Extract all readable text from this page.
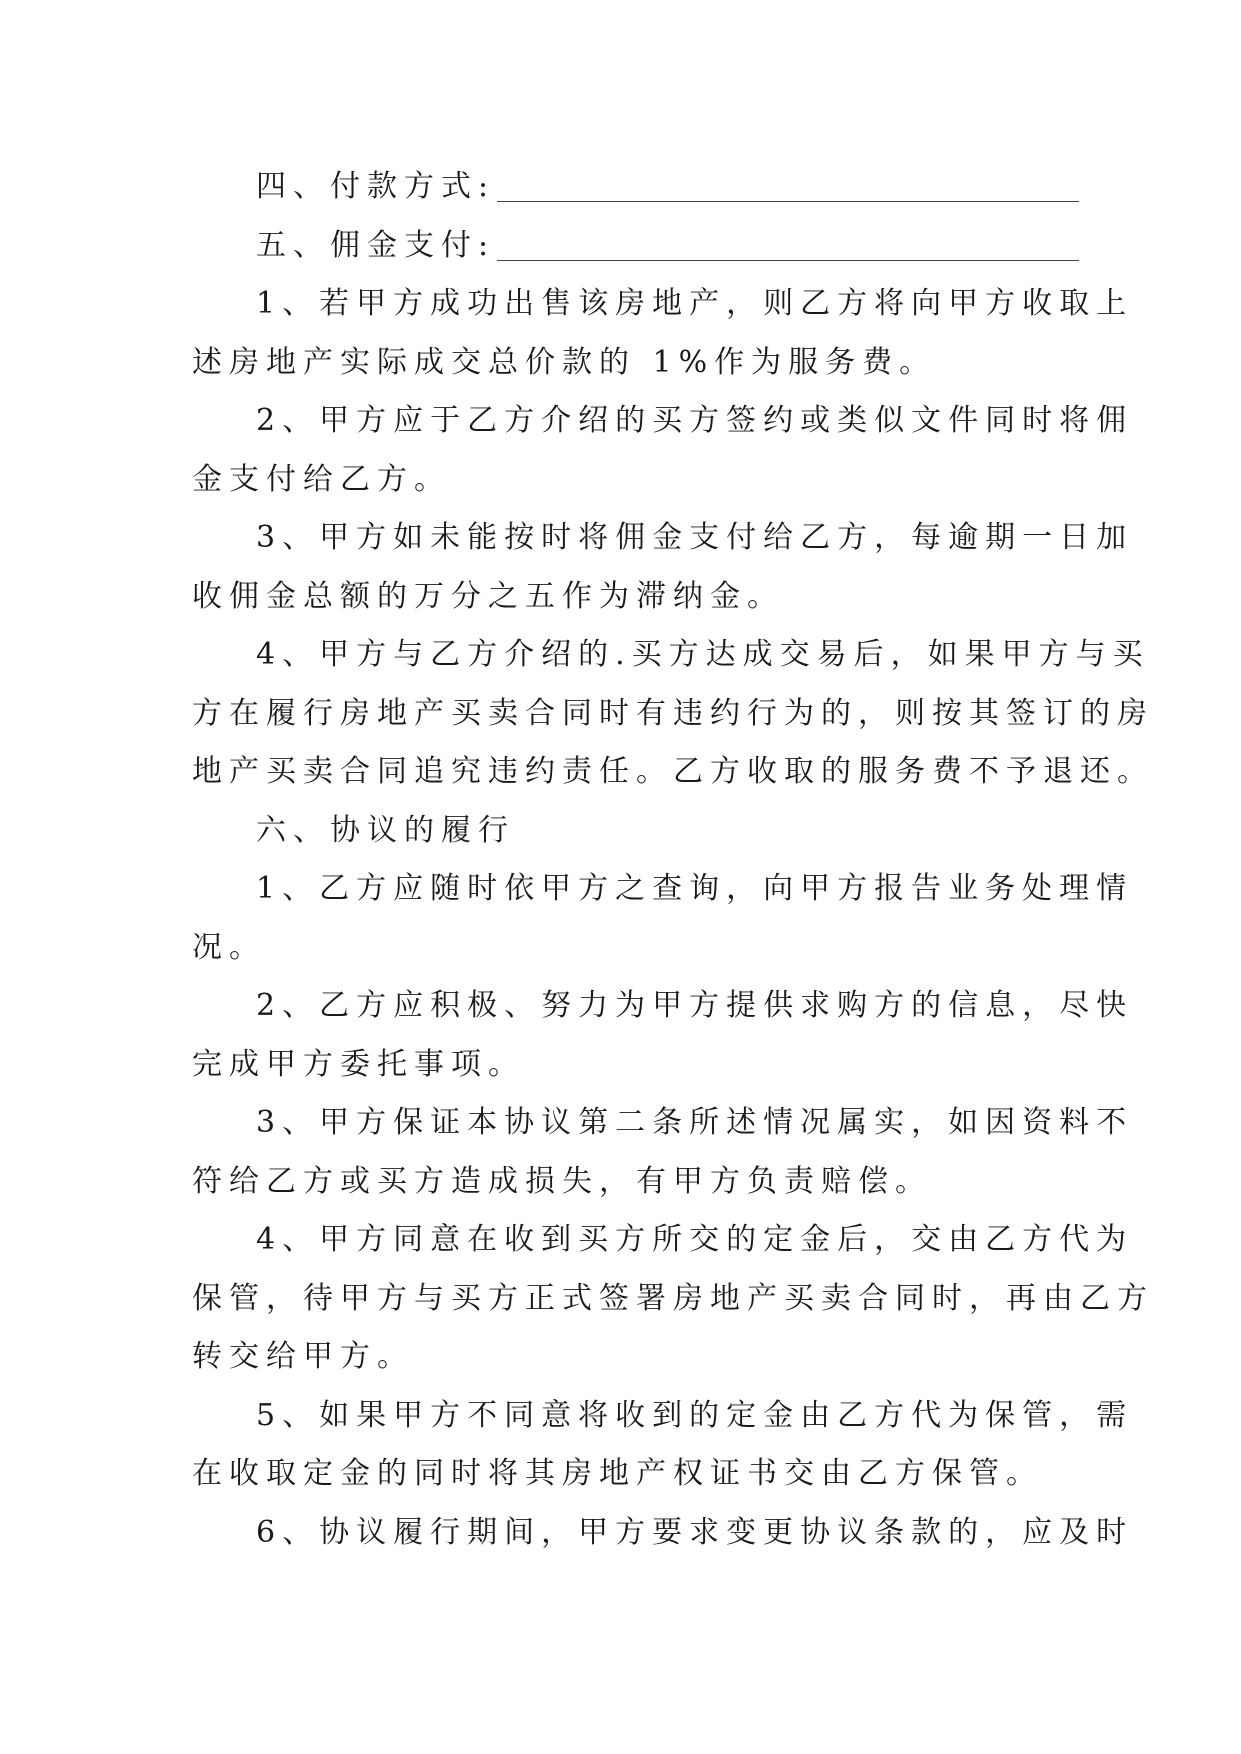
四、付款方式:
五、佣金支付:
1、若甲方成功出售该房地产，则乙方将向甲方收取上
述房地产实际成交总价款的 1%作为服务费。
2、甲方应于乙方介绍的买方签约或类似文件同时将佣
金支付给乙方。
3、甲方如未能按时将佣金支付给乙方，每逾期一日加
收佣金总额的万分之五作为滞纳金。
4、甲方与乙方介绍的.买方达成交易后，如果甲方与买
方在履行房地产买卖合同时有违约行为的，则按其签订的房
地产买卖合同追究违约责任。乙方收取的服务费不予退还。
六、协议的履行
1、乙方应随时依甲方之查询，向甲方报告业务处理情
况。
2、乙方应积极、努力为甲方提供求购方的信息，尽快
完成甲方委托事项。
3、甲方保证本协议第二条所述情况属实，如因资料不
符给乙方或买方造成损失，有甲方负责赔偿。
4、甲方同意在收到买方所交的定金后，交由乙方代为
保管，待甲方与买方正式签署房地产买卖合同时，再由乙方
转交给甲方。
5、如果甲方不同意将收到的定金由乙方代为保管，需
在收取定金的同时将其房地产权证书交由乙方保管。
6、协议履行期间，甲方要求变更协议条款的，应及时
